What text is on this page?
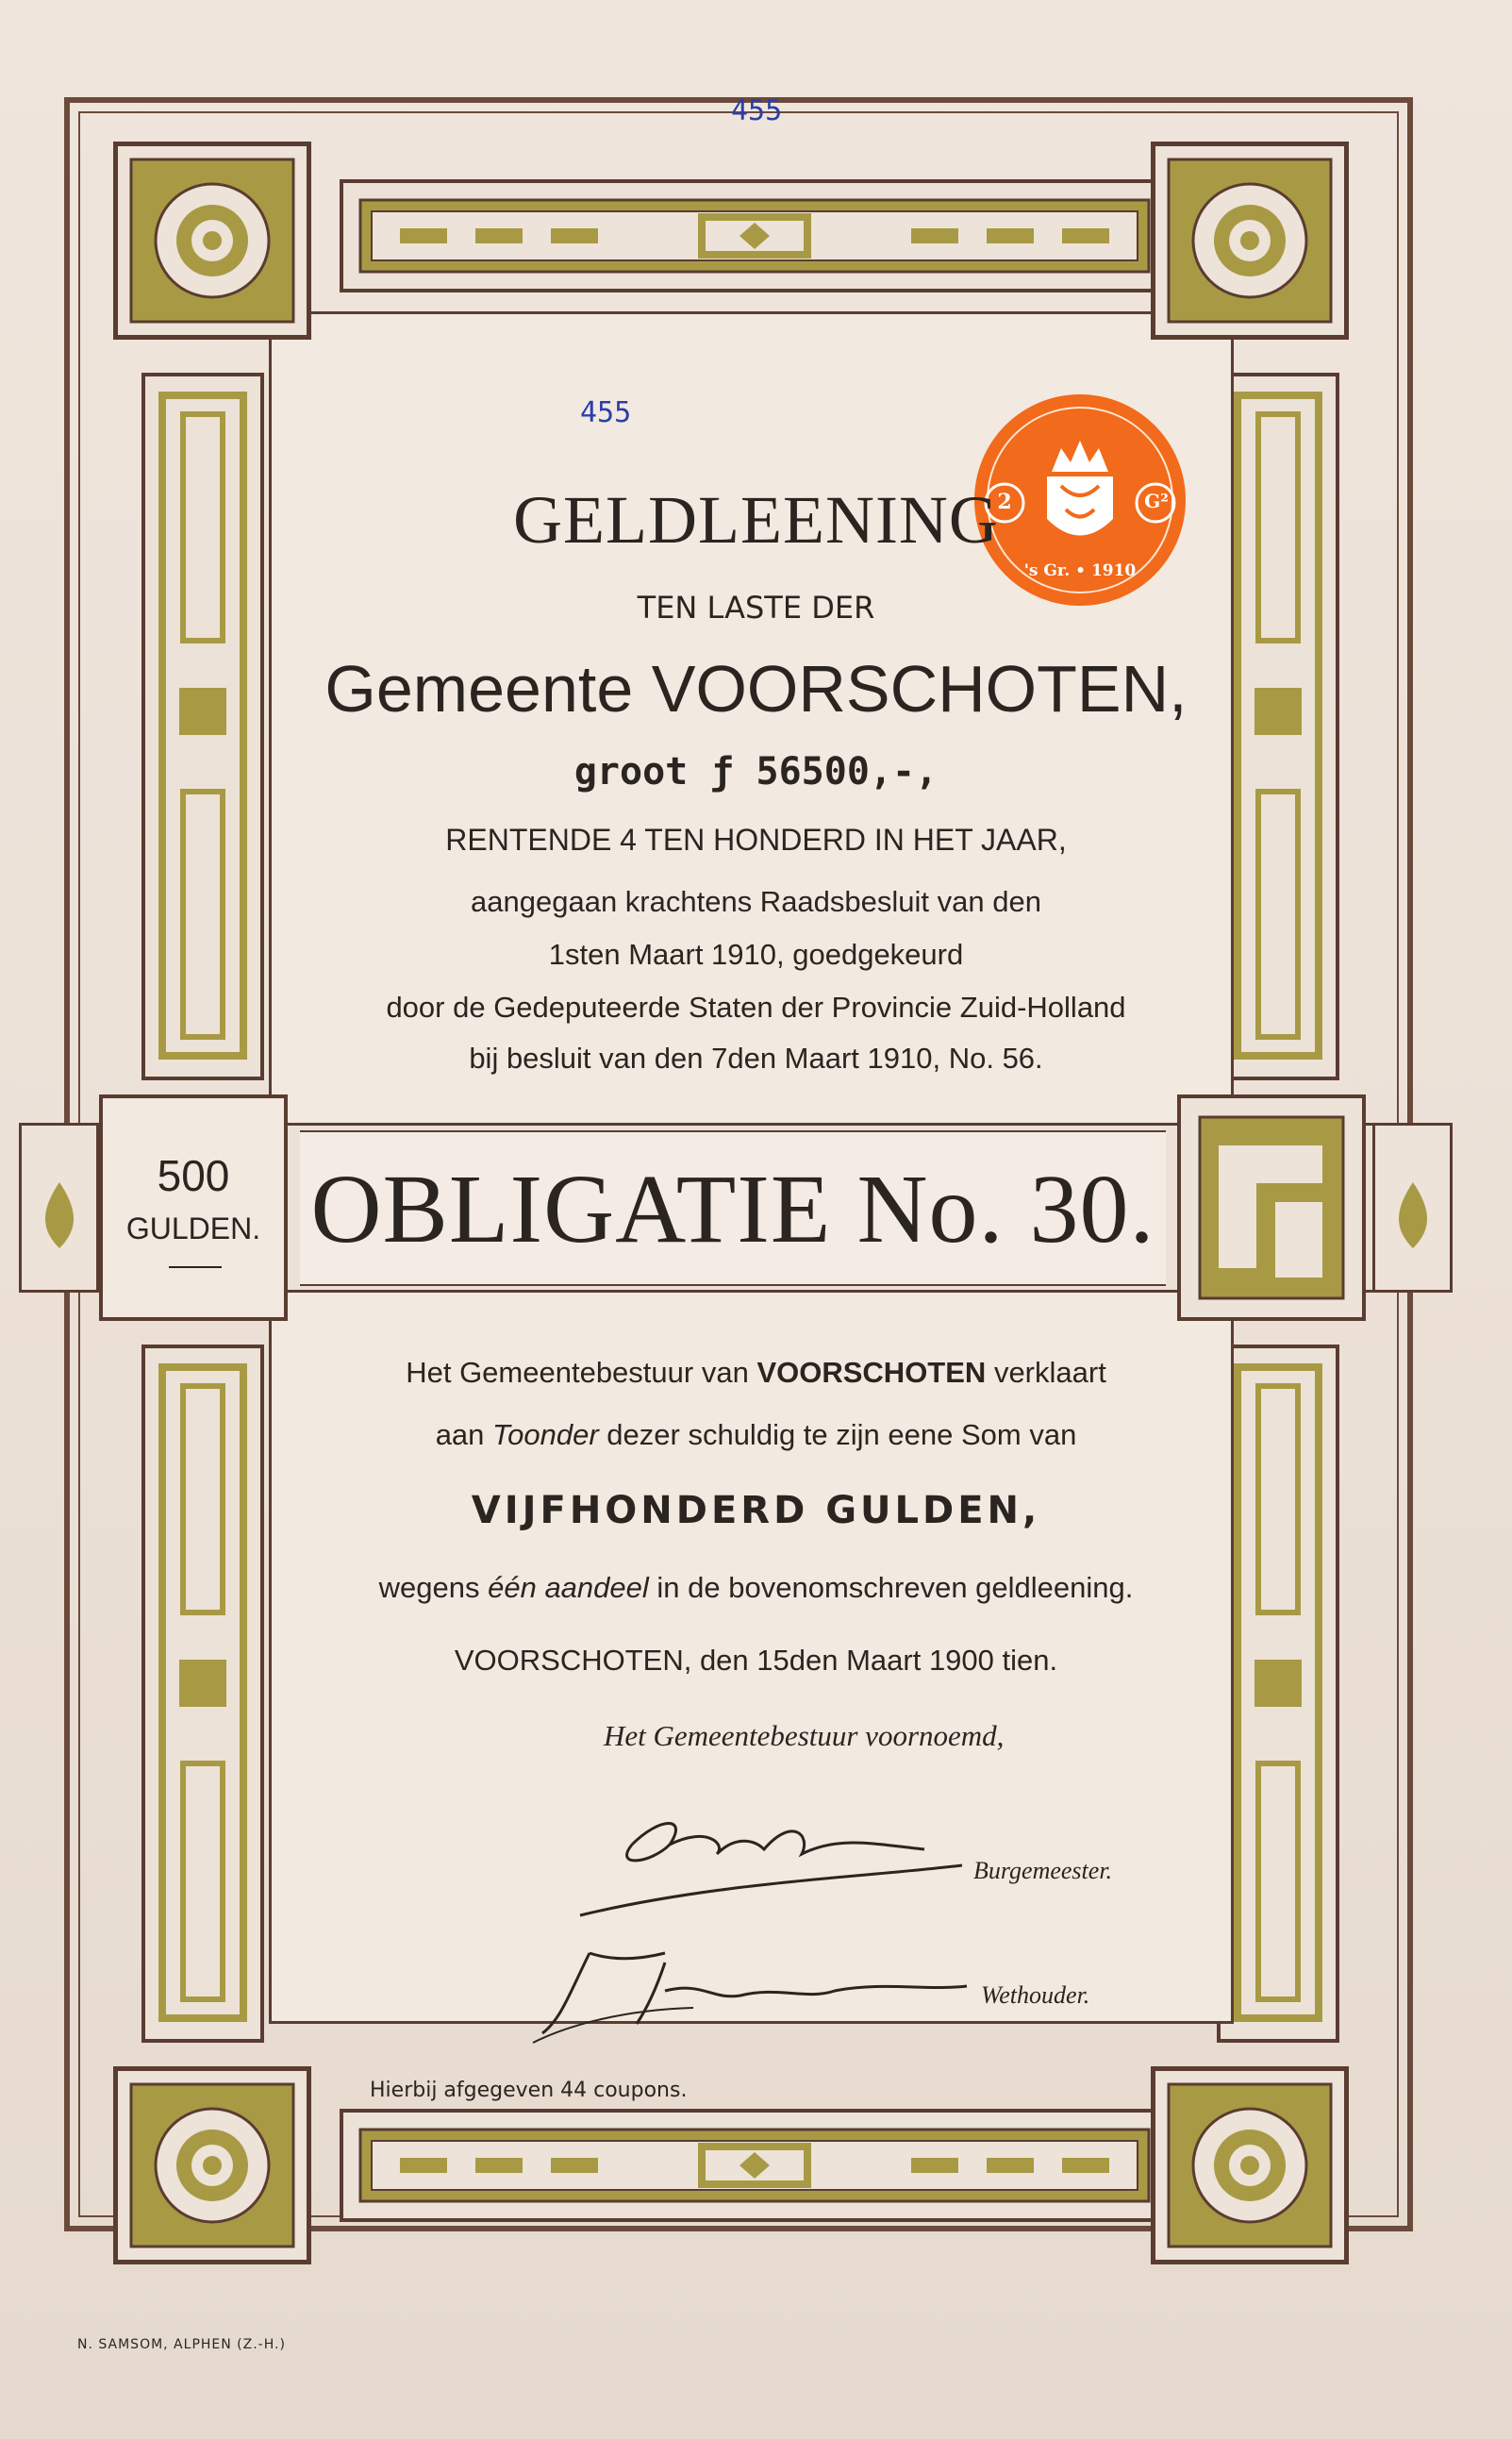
455
455
2	G²
's Gr. • 1910
GELDLEENING
TEN LASTE DER
Gemeente VOORSCHOTEN,
groot ƒ 56500,-,
RENTENDE 4 TEN HONDERD IN HET JAAR,
aangegaan krachtens Raadsbesluit van den
1sten Maart 1910, goedgekeurd
door de Gedeputeerde Staten der Provincie Zuid-Holland
bij besluit van den 7den Maart 1910, No. 56.
500
GULDEN. OBLIGATIE No. 30.
Het Gemeentebestuur van VOORSCHOTEN verklaart
aan Toonder dezer schuldig te zijn eene Som van
VIJFHONDERD GULDEN,
wegens één aandeel in de bovenomschreven geldleening.
VOORSCHOTEN, den 15den Maart 1900 tien.
Het Gemeentebestuur voornoemd,
Burgemeester.
Wethouder.
Hierbij afgegeven 44 coupons.
N. SAMSOM, ALPHEN (Z.-H.)
